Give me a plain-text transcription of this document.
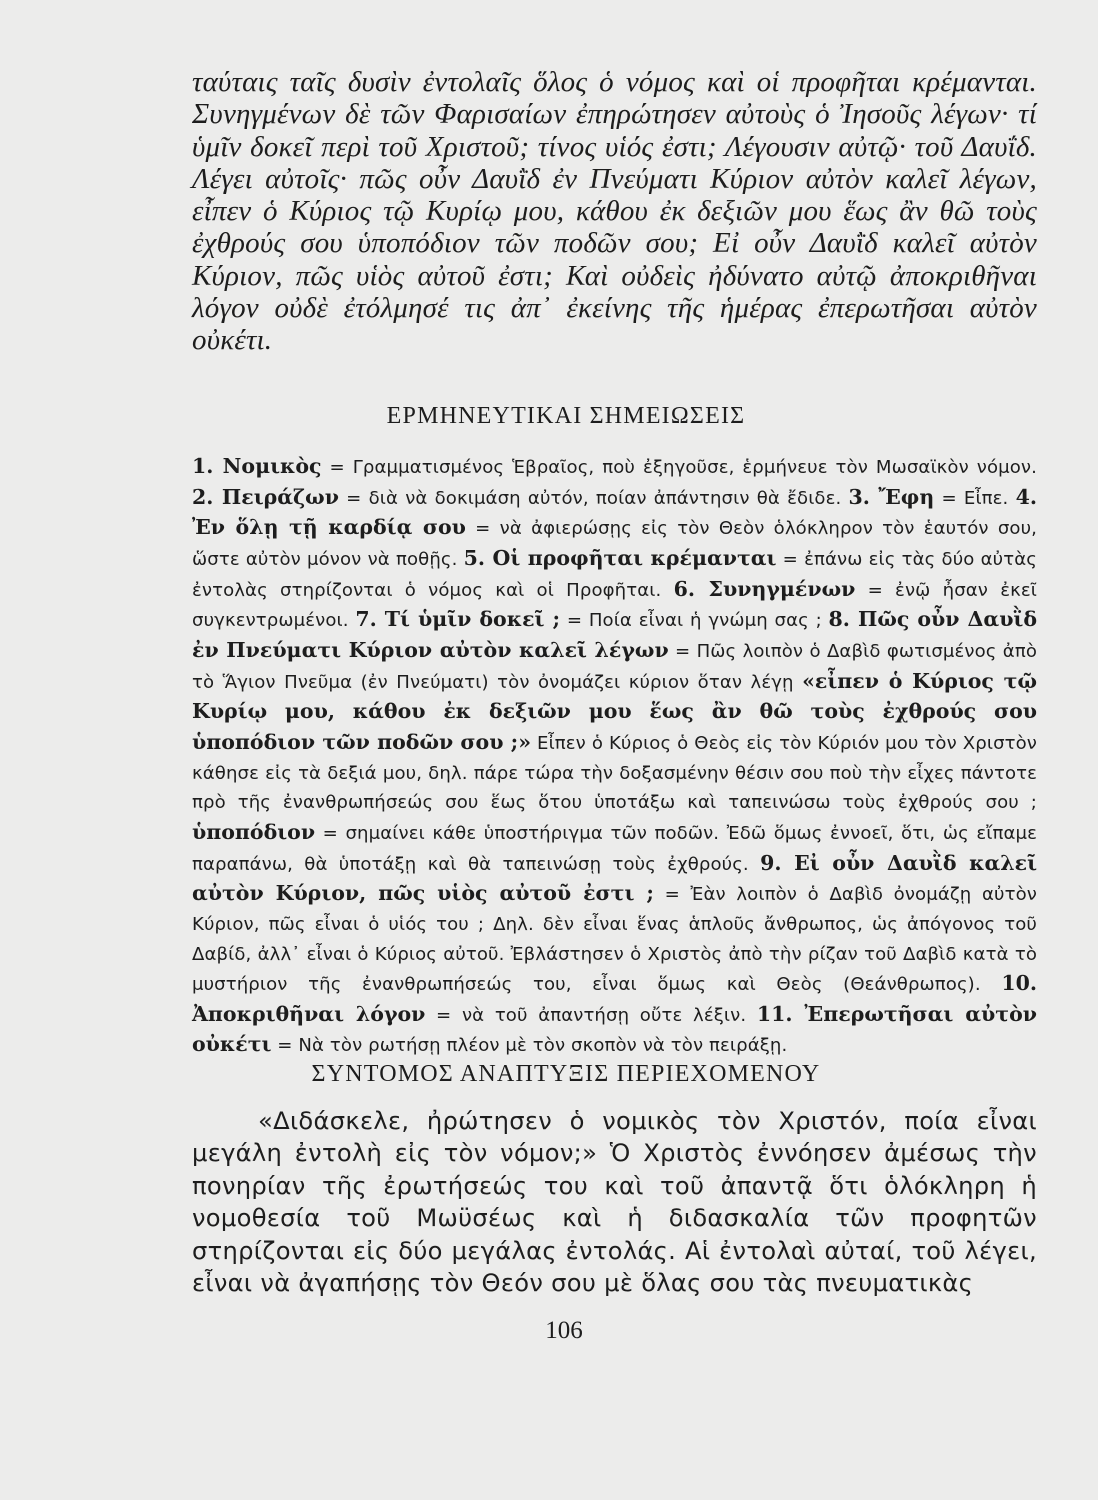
ταύταις ταῖς δυσὶν ἐντολαῖς ὅλος ὁ νόμος καὶ οἱ προφῆται κρέμανται. Συνηγμένων δὲ τῶν Φαρισαίων ἐπηρώτησεν αὐτοὺς ὁ Ἰησοῦς λέγων· τί ὑμῖν δοκεῖ περὶ τοῦ Χριστοῦ; τίνος υἱός ἐστι; Λέγουσιν αὐτῷ· τοῦ Δαυΐδ. Λέγει αὐτοῖς· πῶς οὖν Δαυῒδ ἐν Πνεύματι Κύριον αὐτὸν καλεῖ λέγων, εἶπεν ὁ Κύριος τῷ Κυρίῳ μου, κάθου ἐκ δεξιῶν μου ἕως ἂν θῶ τοὺς ἐχθρούς σου ὑποπόδιον τῶν ποδῶν σου; Εἰ οὖν Δαυῒδ καλεῖ αὐτὸν Κύριον, πῶς υἱὸς αὐτοῦ ἐστι; Καὶ οὐδεὶς ἠδύνατο αὐτῷ ἀποκριθῆναι λόγον οὐδὲ ἐτόλμησέ τις ἀπ᾿ ἐκείνης τῆς ἡμέρας ἐπερωτῆσαι αὐτὸν οὐκέτι.
ΕΡΜΗΝΕΥΤΙΚΑΙ ΣΗΜΕΙΩΣΕΙΣ
1. Νομικὸς = Γραμματισμένος Ἑβραῖος, ποὺ ἐξηγοῦσε, ἑρμήνευε τὸν Μωσαϊκὸν νόμον. 2. Πειράζων = διὰ νὰ δοκιμάση αὐτόν, ποίαν ἀπάντησιν θὰ ἔδιδε. 3. Ἔφη = Εἶπε. 4. Ἐν ὅλῃ τῇ καρδίᾳ σου = νὰ ἀφιερώσῃς εἰς τὸν Θεὸν ὁλόκληρον τὸν ἑαυτόν σου, ὥστε αὐτὸν μόνον νὰ ποθῇς. 5. Οἱ προφῆται κρέμανται = ἐπάνω εἰς τὰς δύο αὐτὰς ἐντολὰς στηρίζονται ὁ νόμος καὶ οἱ Προφῆται. 6. Συνηγμένων = ἐνῷ ἦσαν ἐκεῖ συγκεντρωμένοι. 7. Τί ὑμῖν δοκεῖ ; = Ποία εἶναι ἡ γνώμη σας ; 8. Πῶς οὖν Δαυῒδ ἐν Πνεύματι Κύριον αὐτὸν καλεῖ λέγων = Πῶς λοιπὸν ὁ Δαβὶδ φωτισμένος ἀπὸ τὸ Ἅγιον Πνεῦμα (ἐν Πνεύματι) τὸν ὀνομάζει κύριον ὅταν λέγῃ «εἶπεν ὁ Κύριος τῷ Κυρίῳ μου, κάθου ἐκ δεξιῶν μου ἕως ἂν θῶ τοὺς ἐχθρούς σου ὑποπόδιον τῶν ποδῶν σου ;» Εἶπεν ὁ Κύριος ὁ Θεὸς εἰς τὸν Κύριόν μου τὸν Χριστὸν κάθησε εἰς τὰ δεξιά μου, δηλ. πάρε τώρα τὴν δοξασμένην θέσιν σου ποὺ τὴν εἶχες πάντοτε πρὸ τῆς ἐνανθρωπήσεώς σου ἕως ὅτου ὑποτάξω καὶ ταπεινώσω τοὺς ἐχθρούς σου ; ὑποπόδιον = σημαίνει κάθε ὑποστήριγμα τῶν ποδῶν. Ἐδῶ ὅμως ἐννοεῖ, ὅτι, ὡς εἴπαμε παραπάνω, θὰ ὑποτάξῃ καὶ θὰ ταπεινώσῃ τοὺς ἐχθρούς. 9. Εἰ οὖν Δαυῒδ καλεῖ αὐτὸν Κύριον, πῶς υἱὸς αὐτοῦ ἐστι ; = Ἐὰν λοιπὸν ὁ Δαβὶδ ὀνομάζῃ αὐτὸν Κύριον, πῶς εἶναι ὁ υἱός του ; Δηλ. δὲν εἶναι ἕνας ἁπλοῦς ἄνθρωπος, ὡς ἀπόγονος τοῦ Δαβίδ, ἀλλ᾿ εἶναι ὁ Κύριος αὐτοῦ. Ἐβλάστησεν ὁ Χριστὸς ἀπὸ τὴν ρίζαν τοῦ Δαβὶδ κατὰ τὸ μυστήριον τῆς ἐνανθρωπήσεώς του, εἶναι ὅμως καὶ Θεὸς (Θεάνθρωπος). 10. Ἀποκριθῆναι λόγον = νὰ τοῦ ἀπαντήσῃ οὔτε λέξιν. 11. Ἐπερωτῆσαι αὐτὸν οὐκέτι = Νὰ τὸν ρωτήσῃ πλέον μὲ τὸν σκοπὸν νὰ τὸν πειράξῃ.
ΣΥΝΤΟΜΟΣ ΑΝΑΠΤΥΞΙΣ ΠΕΡΙΕΧΟΜΕΝΟΥ
«Διδάσκελε, ἠρώτησεν ὁ νομικὸς τὸν Χριστόν, ποία εἶναι μεγάλη ἐντολὴ εἰς τὸν νόμον;» Ὁ Χριστὸς ἐννόησεν ἀμέσως τὴν πονηρίαν τῆς ἐρωτήσεώς του καὶ τοῦ ἀπαντᾷ ὅτι ὁλόκληρη ἡ νομοθεσία τοῦ Μωϋσέως καὶ ἡ διδασκαλία τῶν προφητῶν στηρίζονται εἰς δύο μεγάλας ἐντολάς. Αἱ ἐντολαὶ αὐταί, τοῦ λέγει, εἶναι νὰ ἀγαπήσῃς τὸν Θεόν σου μὲ ὅλας σου τὰς πνευματικὰς
106
